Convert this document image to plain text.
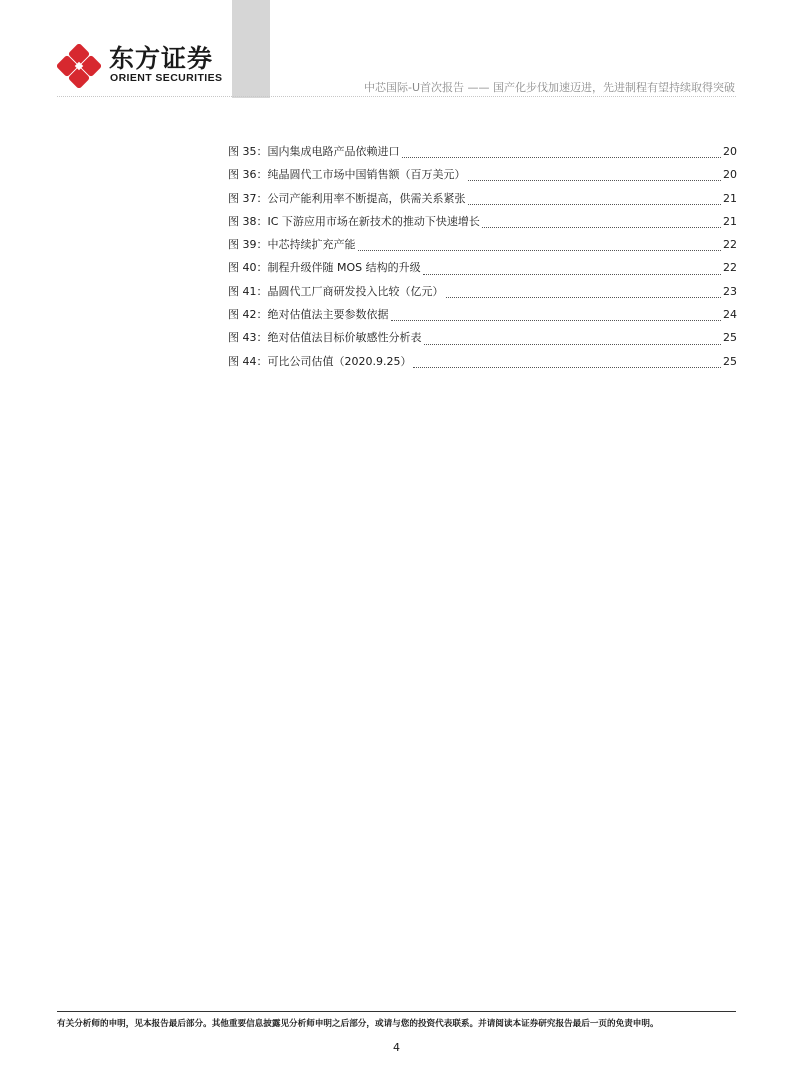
东方证券
ORIENT SECURITIES
中芯国际-U首次报告 —— 国产化步伐加速迈进，先进制程有望持续取得突破
图 35：国内集成电路产品依赖进口	20
图 36：纯晶圆代工市场中国销售额（百万美元）	20
图 37：公司产能利用率不断提高，供需关系紧张	21
图 38：IC 下游应用市场在新技术的推动下快速增长	21
图 39：中芯持续扩充产能	22
图 40：制程升级伴随 MOS 结构的升级	22
图 41：晶圆代工厂商研发投入比较（亿元）	23
图 42：绝对估值法主要参数依据	24
图 43：绝对估值法目标价敏感性分析表	25
图 44：可比公司估值（2020.9.25）	25
有关分析师的申明，见本报告最后部分。其他重要信息披露见分析师申明之后部分，或请与您的投资代表联系。并请阅读本证券研究报告最后一页的免责申明。
4
